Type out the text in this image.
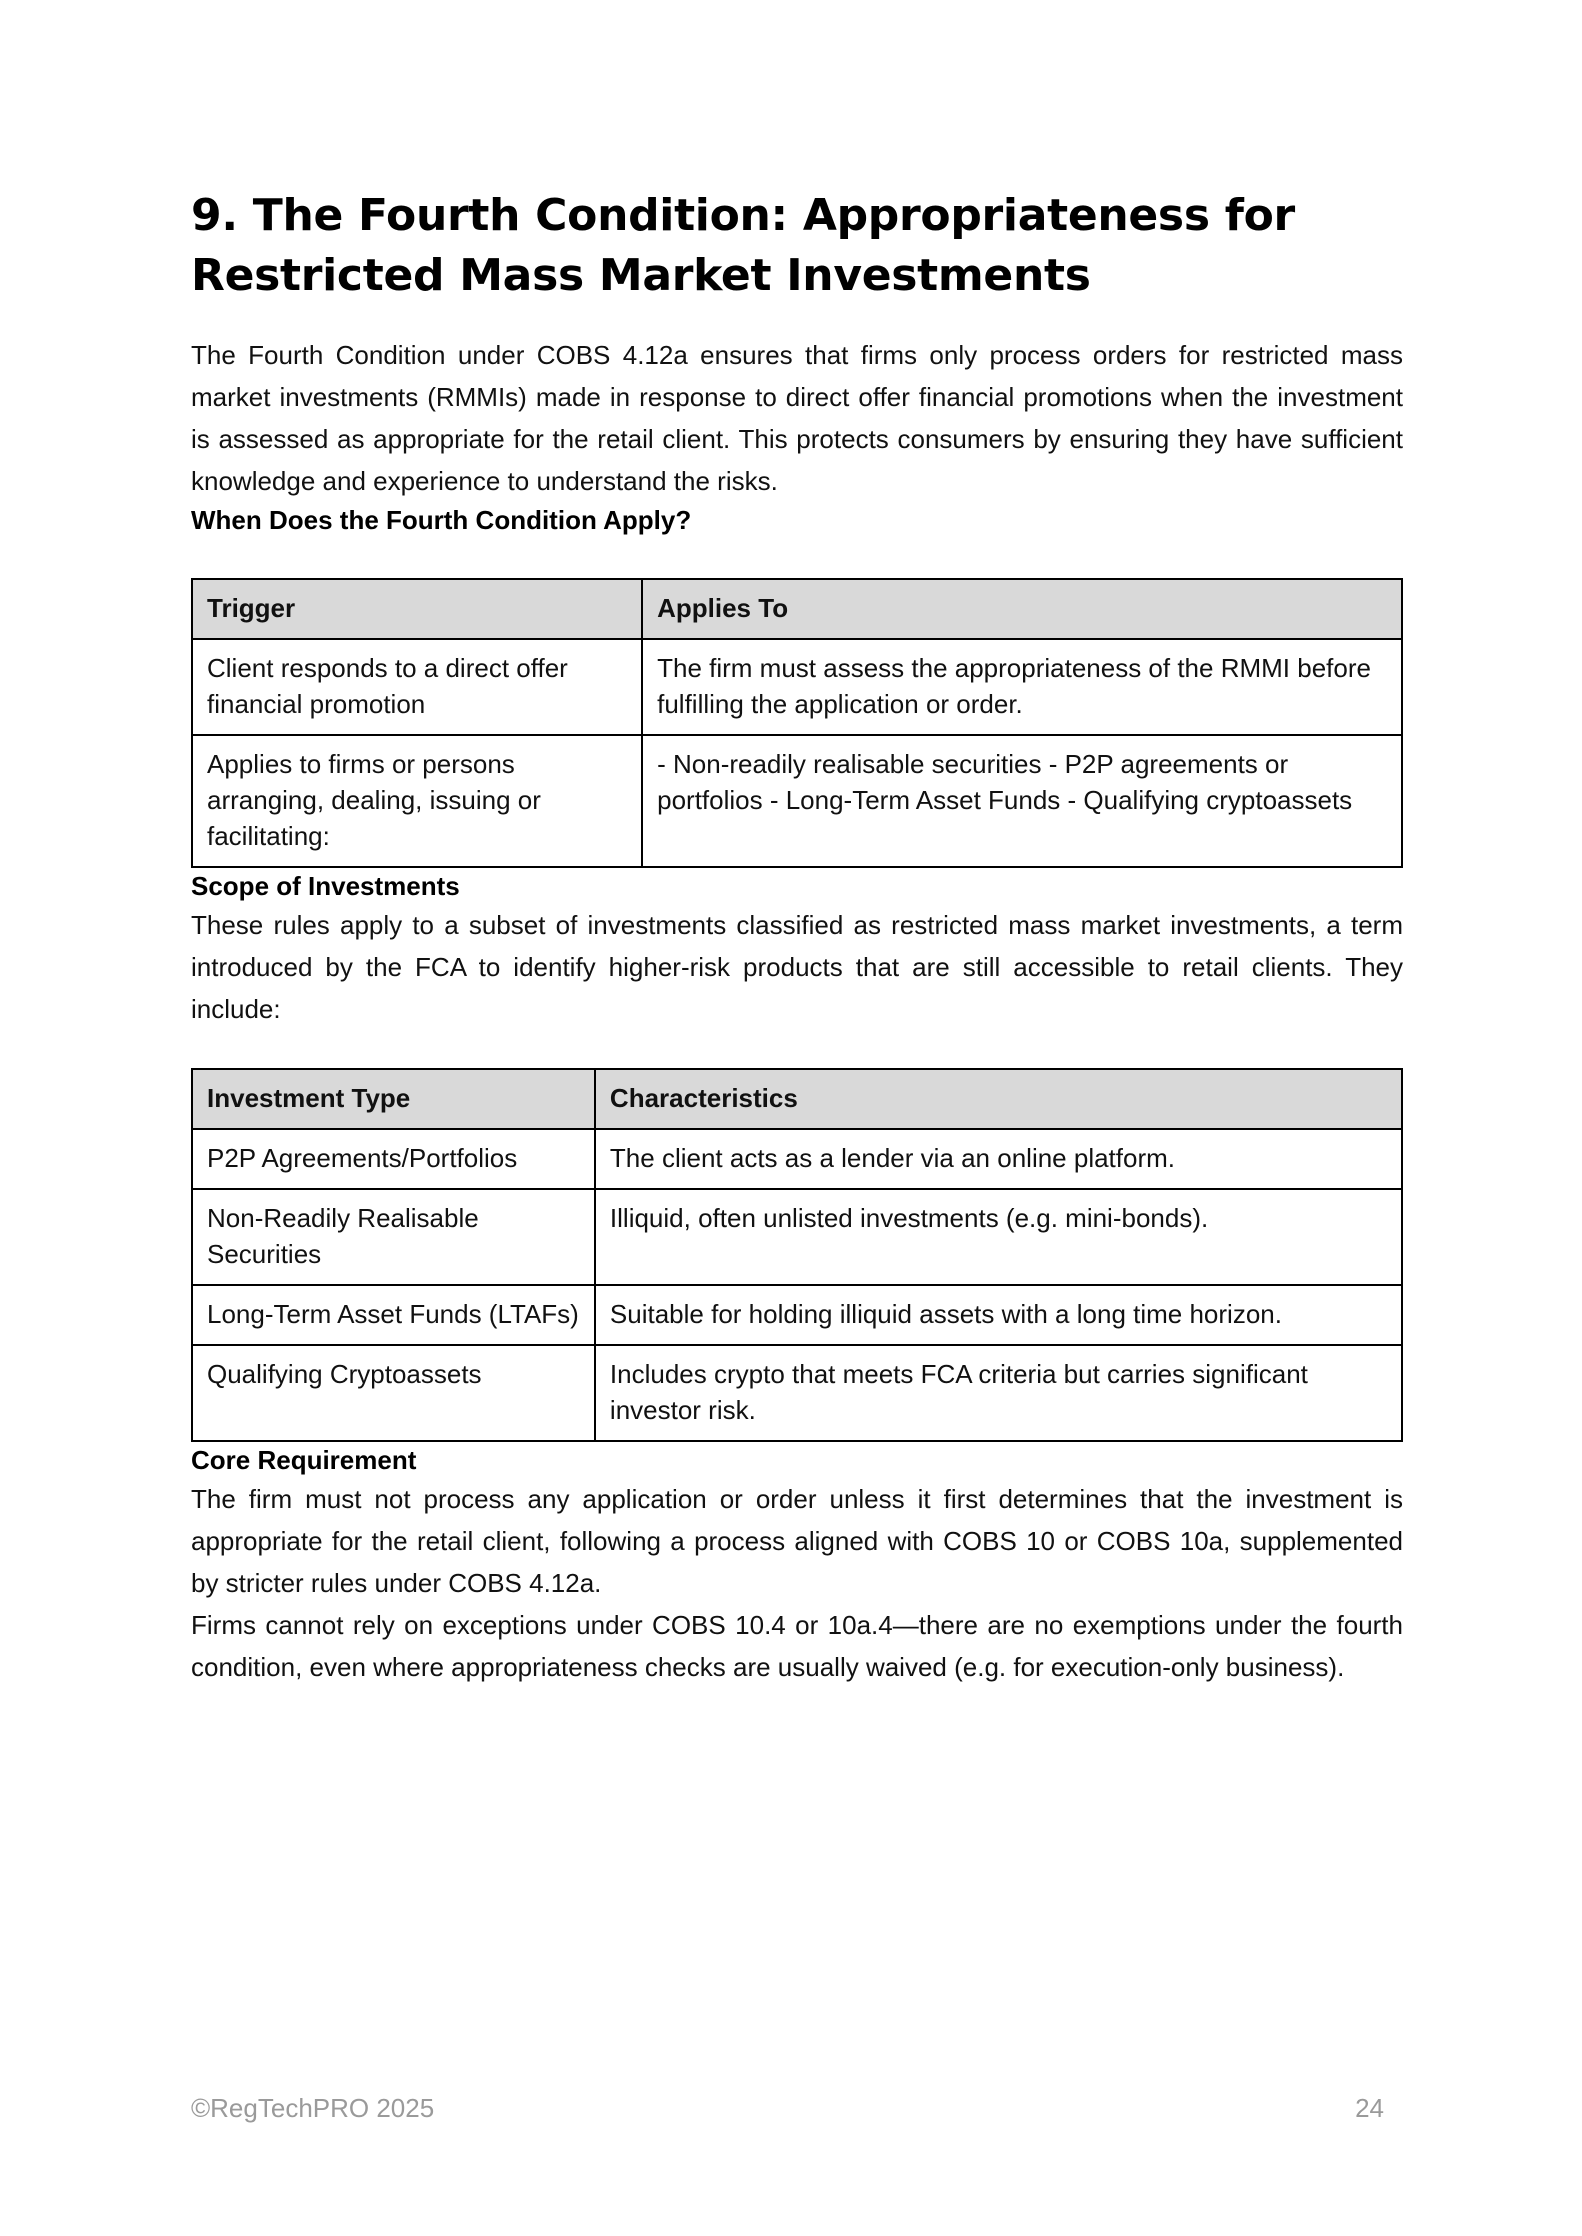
9. The Fourth Condition: Appropriateness for Restricted Mass Market Investments

The Fourth Condition under COBS 4.12a ensures that firms only process orders for restricted mass market investments (RMMIs) made in response to direct offer financial promotions when the investment is assessed as appropriate for the retail client. This protects consumers by ensuring they have sufficient knowledge and experience to understand the risks.

When Does the Fourth Condition Apply?
Trigger	Applies To
Client responds to a direct offer financial promotion	The firm must assess the appropriateness of the RMMI before fulfilling the application or order.
Applies to firms or persons arranging, dealing, issuing or facilitating:	- Non-readily realisable securities - P2P agreements or portfolios - Long-Term Asset Funds - Qualifying cryptoassets
Scope of Investments

These rules apply to a subset of investments classified as restricted mass market investments, a term introduced by the FCA to identify higher-risk products that are still accessible to retail clients. They include:

Investment Type	Characteristics
P2P Agreements/Portfolios	The client acts as a lender via an online platform.
Non-Readily Realisable Securities	Illiquid, often unlisted investments (e.g. mini-bonds).
Long-Term Asset Funds (LTAFs)	Suitable for holding illiquid assets with a long time horizon.
Qualifying Cryptoassets	Includes crypto that meets FCA criteria but carries significant investor risk.
Core Requirement

The firm must not process any application or order unless it first determines that the investment is appropriate for the retail client, following a process aligned with COBS 10 or COBS 10a, supplemented by stricter rules under COBS 4.12a.

Firms cannot rely on exceptions under COBS 10.4 or 10a.4—there are no exemptions under the fourth condition, even where appropriateness checks are usually waived (e.g. for execution-only business).

©RegTechPRO 2025	24
